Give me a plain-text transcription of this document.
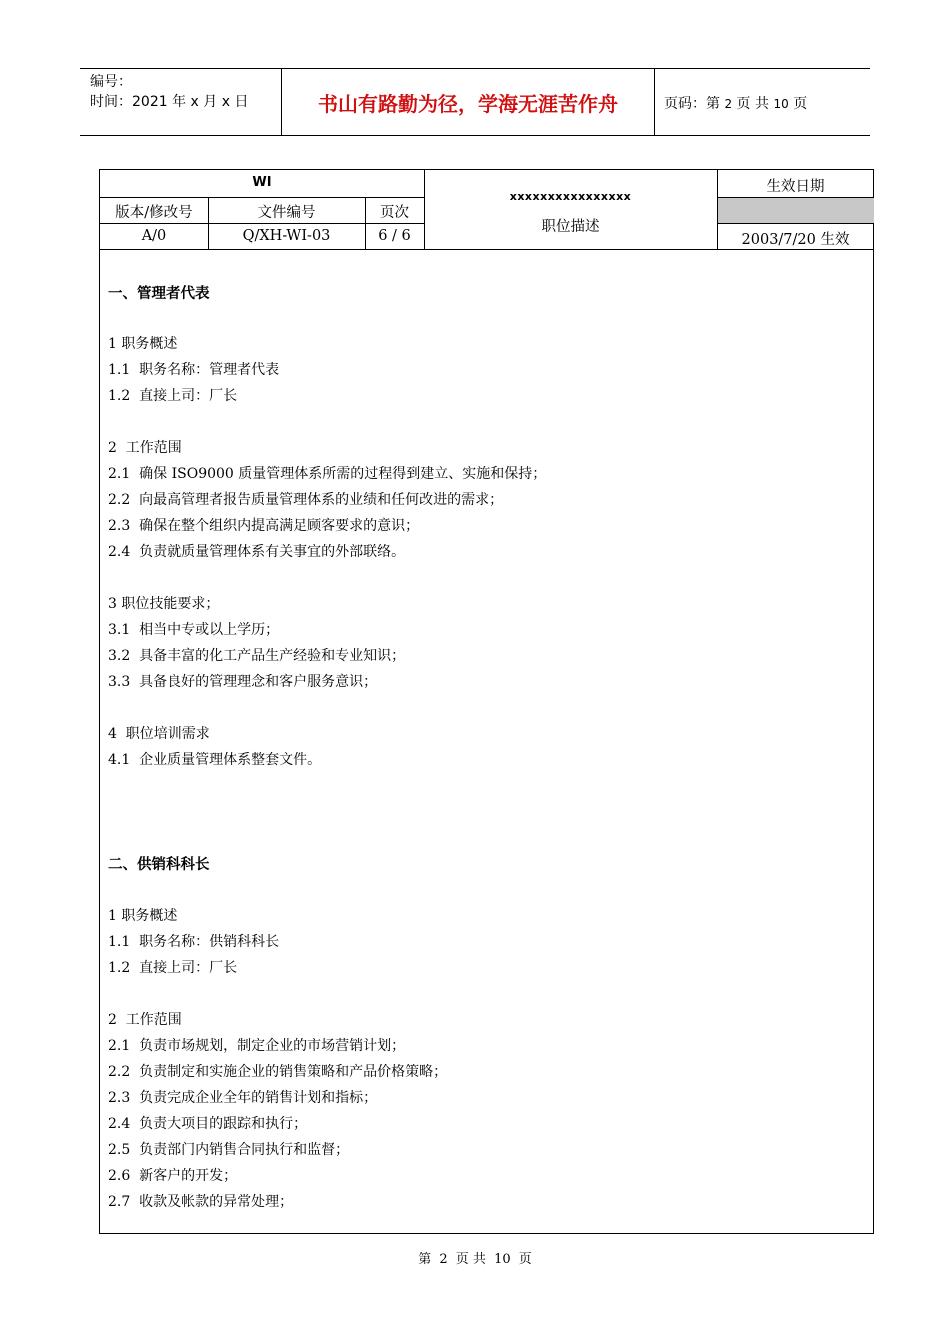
编号：
时间：2021 年 x 月 x 日	书山有路勤为径，学海无涯苦作舟	页码：第 2 页 共 10 页
WI
版本/修改号	文件编号	页次
A/0	Q/XH-WI-03	6 / 6
xxxxxxxxxxxxxxxx
职位描述
生效日期
2003/7/20 生效
一、管理者代表
1 职务概述
1.1  职务名称：管理者代表
1.2  直接上司：厂长
2  工作范围
2.1  确保 ISO9000 质量管理体系所需的过程得到建立、实施和保持；
2.2  向最高管理者报告质量管理体系的业绩和任何改进的需求；
2.3  确保在整个组织内提高满足顾客要求的意识；
2.4  负责就质量管理体系有关事宜的外部联络。
3 职位技能要求；
3.1  相当中专或以上学历；
3.2  具备丰富的化工产品生产经验和专业知识；
3.3  具备良好的管理理念和客户服务意识；
4  职位培训需求
4.1  企业质量管理体系整套文件。
二、供销科科长
1 职务概述
1.1  职务名称：供销科科长
1.2  直接上司：厂长
2  工作范围
2.1  负责市场规划，制定企业的市场营销计划；
2.2  负责制定和实施企业的销售策略和产品价格策略；
2.3  负责完成企业全年的销售计划和指标；
2.4  负责大项目的跟踪和执行；
2.5  负责部门内销售合同执行和监督；
2.6  新客户的开发；
2.7  收款及帐款的异常处理；
第 2 页 共 10 页
